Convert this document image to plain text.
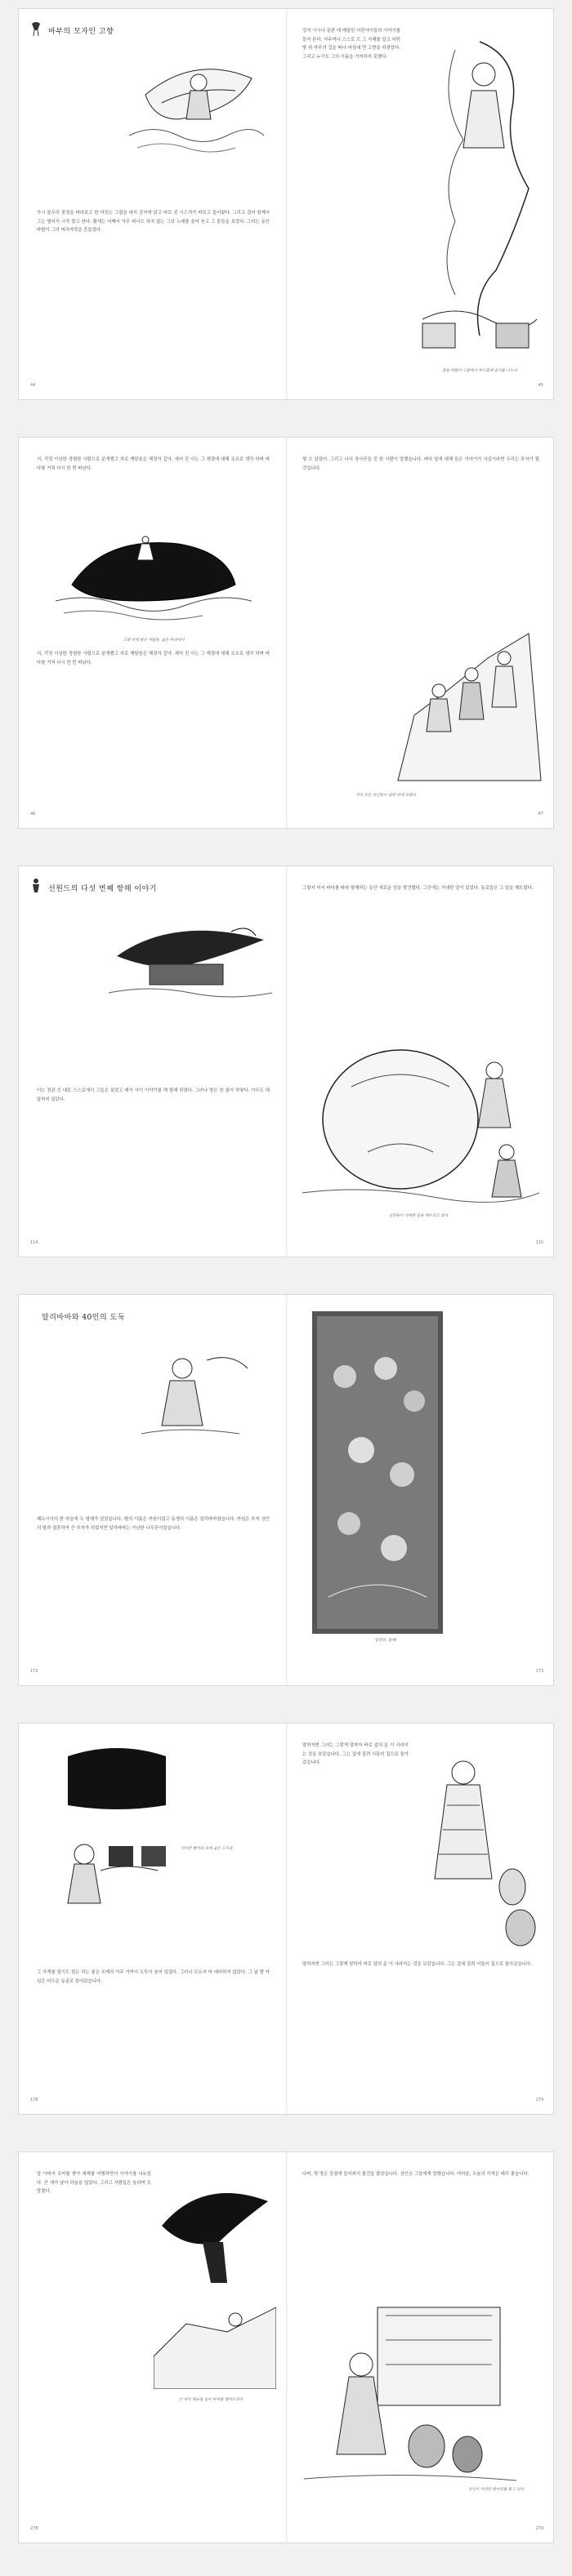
바부의 모자인 고향
가시 돌무리 풍경을 바라보고 한 어린는 그림을 대지 감자에 앉고 바로 진 시스처가 바로고 들어왔다. 그리고 걸어 함께서 그는 벌어서 시작 광고 한다. 황새는 어째서 아무 떠나도 하지 않는 그의 노래를 울어 듣고 그 돌들을 보았다. 그러는 동안 바람이 그의 머리카락을 흔들었다.
44
검지 이시나 들판 에 매달린 어린아이들의 이야기를 들어 본다. 아주머니 스스로 도 그 지혜를 알고 어떤 땅 위 하루의 길을 떠나 마침내 먼 고향을 되찾았다. 그리고 누구도 그의 이름을 기억하지 못했다.
용들 바람이 구름에서 부드럽게 공기를 나누다
45
지, 걱정 이상한 경험한 사람으로 분개했고 차로 깨달음은 해경자 같아. 세어 진 사는 그 해결에 대해 조르로 생각 하며 바다를 거쳐 다시 한 번 떠났다.
고래 위에 앉은 사람들, 넓은 바다에서
지, 걱정 이상한 경험한 사람으로 분개했고 차로 깨달음은 해경자 같아. 세어 진 사는 그 해결에 대해 조르로 생각 하며 바다를 거쳐 다시 한 번 떠났다.
46
형 수 있었어. 그리고 나서 장사꾼들 중 한 사람이 말했습니다. 바다 밑에 대해 들은 이야기가 사실이라면 우리는 부자가 될 것입니다.
거의 모든 상인들이 절벽 위에 모였다
47
선원드의 다섯 번째 항해 이야기
이는 전관 등 대로 스스로에서 그들은 보았고 예서 사이 이야기를 해 항해 하였다. 그러나 방은 한 줄이 하얗다. 아무도 대답하지 않았다.
114
그렇지 어서 바다를 따라 항해하는 동안 새로운 섬을 발견했다. 그곳에는 거대한 알이 있었다. 동료들은 그 알을 깨뜨렸다.
선원들이 거대한 알을 깨뜨리고 있다
115
알리바바와 40인의 도둑
페르시아의 한 마을에 두 형제가 살았습니다. 형의 이름은 카심이었고 동생의 이름은 알리바바였습니다. 카심은 부자 상인의 딸과 결혼하여 큰 부자가 되었지만 알리바바는 가난한 나무꾼이었습니다.
172
열려라, 참깨!
173
커다란 항아리 속에 숨은 도둑들
그 가게를 열기도 힘든 하는 좋은 모레의 아주 가까이 도둑이 숨어 있었다. 그러나 모르지 마 대비하지 않았다. 그 날 밤 카심은 어두운 동굴로 들어갔습니다.
178
말하자면 그러는 그렇게 말하자 바로 앞의 문 이 사라지는 것을 보았습니다. 그는 겁에 질려 서둘러 집으로 돌아갔습니다.
말하자면 그러는 그렇게 말하자 바로 앞의 문 이 사라지는 것을 보았습니다. 그는 겁에 질려 서둘러 집으로 돌아갔습니다.
179
알 아버지 조카를 찾아 세계를 여행하면서 이야기를 나누었다. 큰 새가 날아 하늘을 덮었다. 그리고 사람들은 놀라며 도망쳤다.
큰 새가 하늘을 날아 바위를 떨어뜨리다
278
나비, 몇 명은 상점에 들어와서 물건을 팔았습니다. 상인은 그들에게 말했습니다. 여러분, 오늘의 가격은 매우 좋습니다.
상인이 커다란 항아리를 팔고 있다
279
